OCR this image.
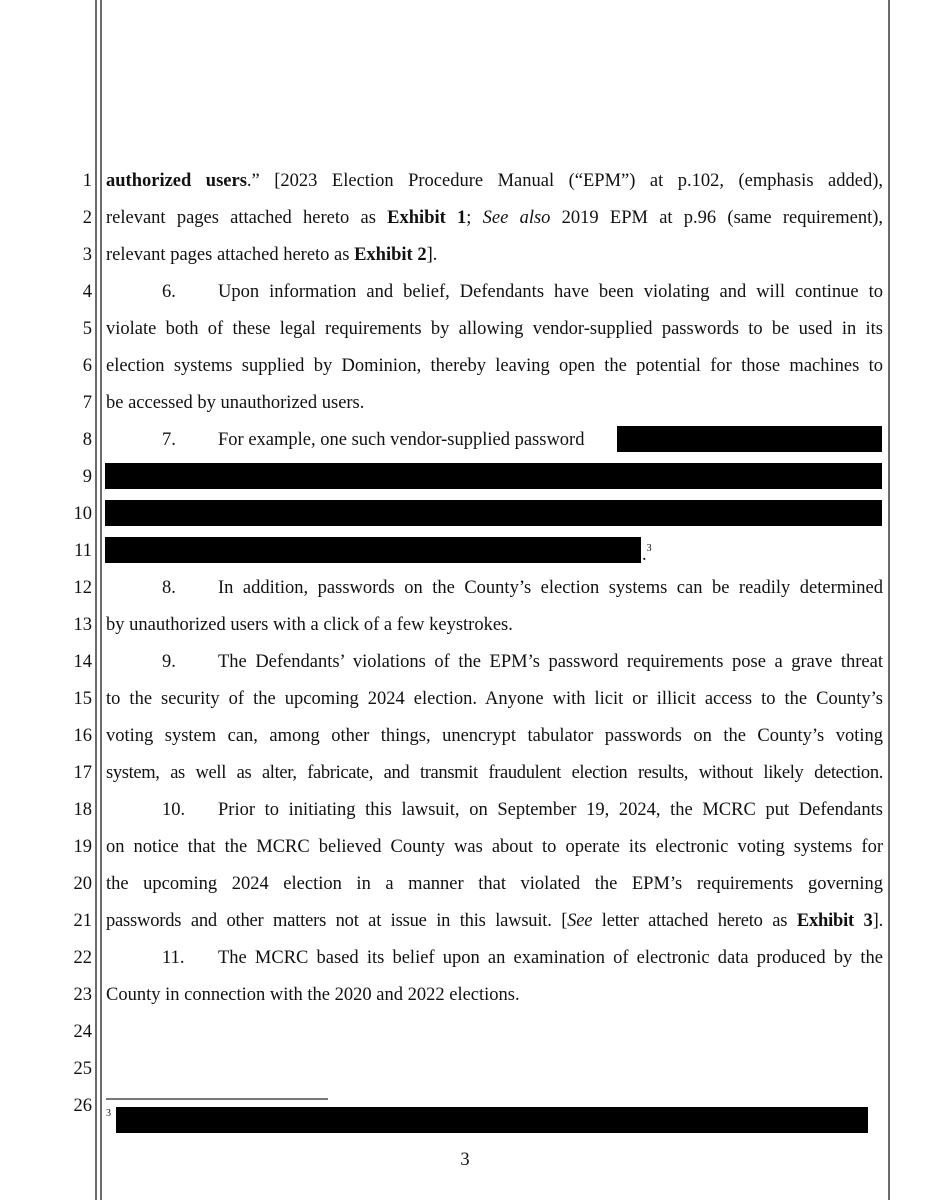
1
2
3
4
5
6
7
8
9
10
11
12
13
14
15
16
17
18
19
20
21
22
23
24
25
26
authorized users.” [2023 Election Procedure Manual (“EPM”) at p.102, (emphasis added),
relevant pages attached hereto as Exhibit 1; See also 2019 EPM at p.96 (same requirement),
relevant pages attached hereto as Exhibit 2].
6. Upon information and belief, Defendants have been violating and will continue to
violate both of these legal requirements by allowing vendor-supplied passwords to be used in its
election systems supplied by Dominion, thereby leaving open the potential for those machines to
be accessed by unauthorized users.
7. For example, one such vendor-supplied password
.$^3$
8. In addition, passwords on the County’s election systems can be readily determined
by unauthorized users with a click of a few keystrokes.
9. The Defendants’ violations of the EPM’s password requirements pose a grave threat
to the security of the upcoming 2024 election. Anyone with licit or illicit access to the County’s
voting system can, among other things, unencrypt tabulator passwords on the County’s voting
system, as well as alter, fabricate, and transmit fraudulent election results, without likely detection.
10. Prior to initiating this lawsuit, on September 19, 2024, the MCRC put Defendants
on notice that the MCRC believed County was about to operate its electronic voting systems for
the upcoming 2024 election in a manner that violated the EPM’s requirements governing
passwords and other matters not at issue in this lawsuit. [See letter attached hereto as Exhibit 3].
11. The MCRC based its belief upon an examination of electronic data produced by the
County in connection with the 2020 and 2022 elections.
3
3
